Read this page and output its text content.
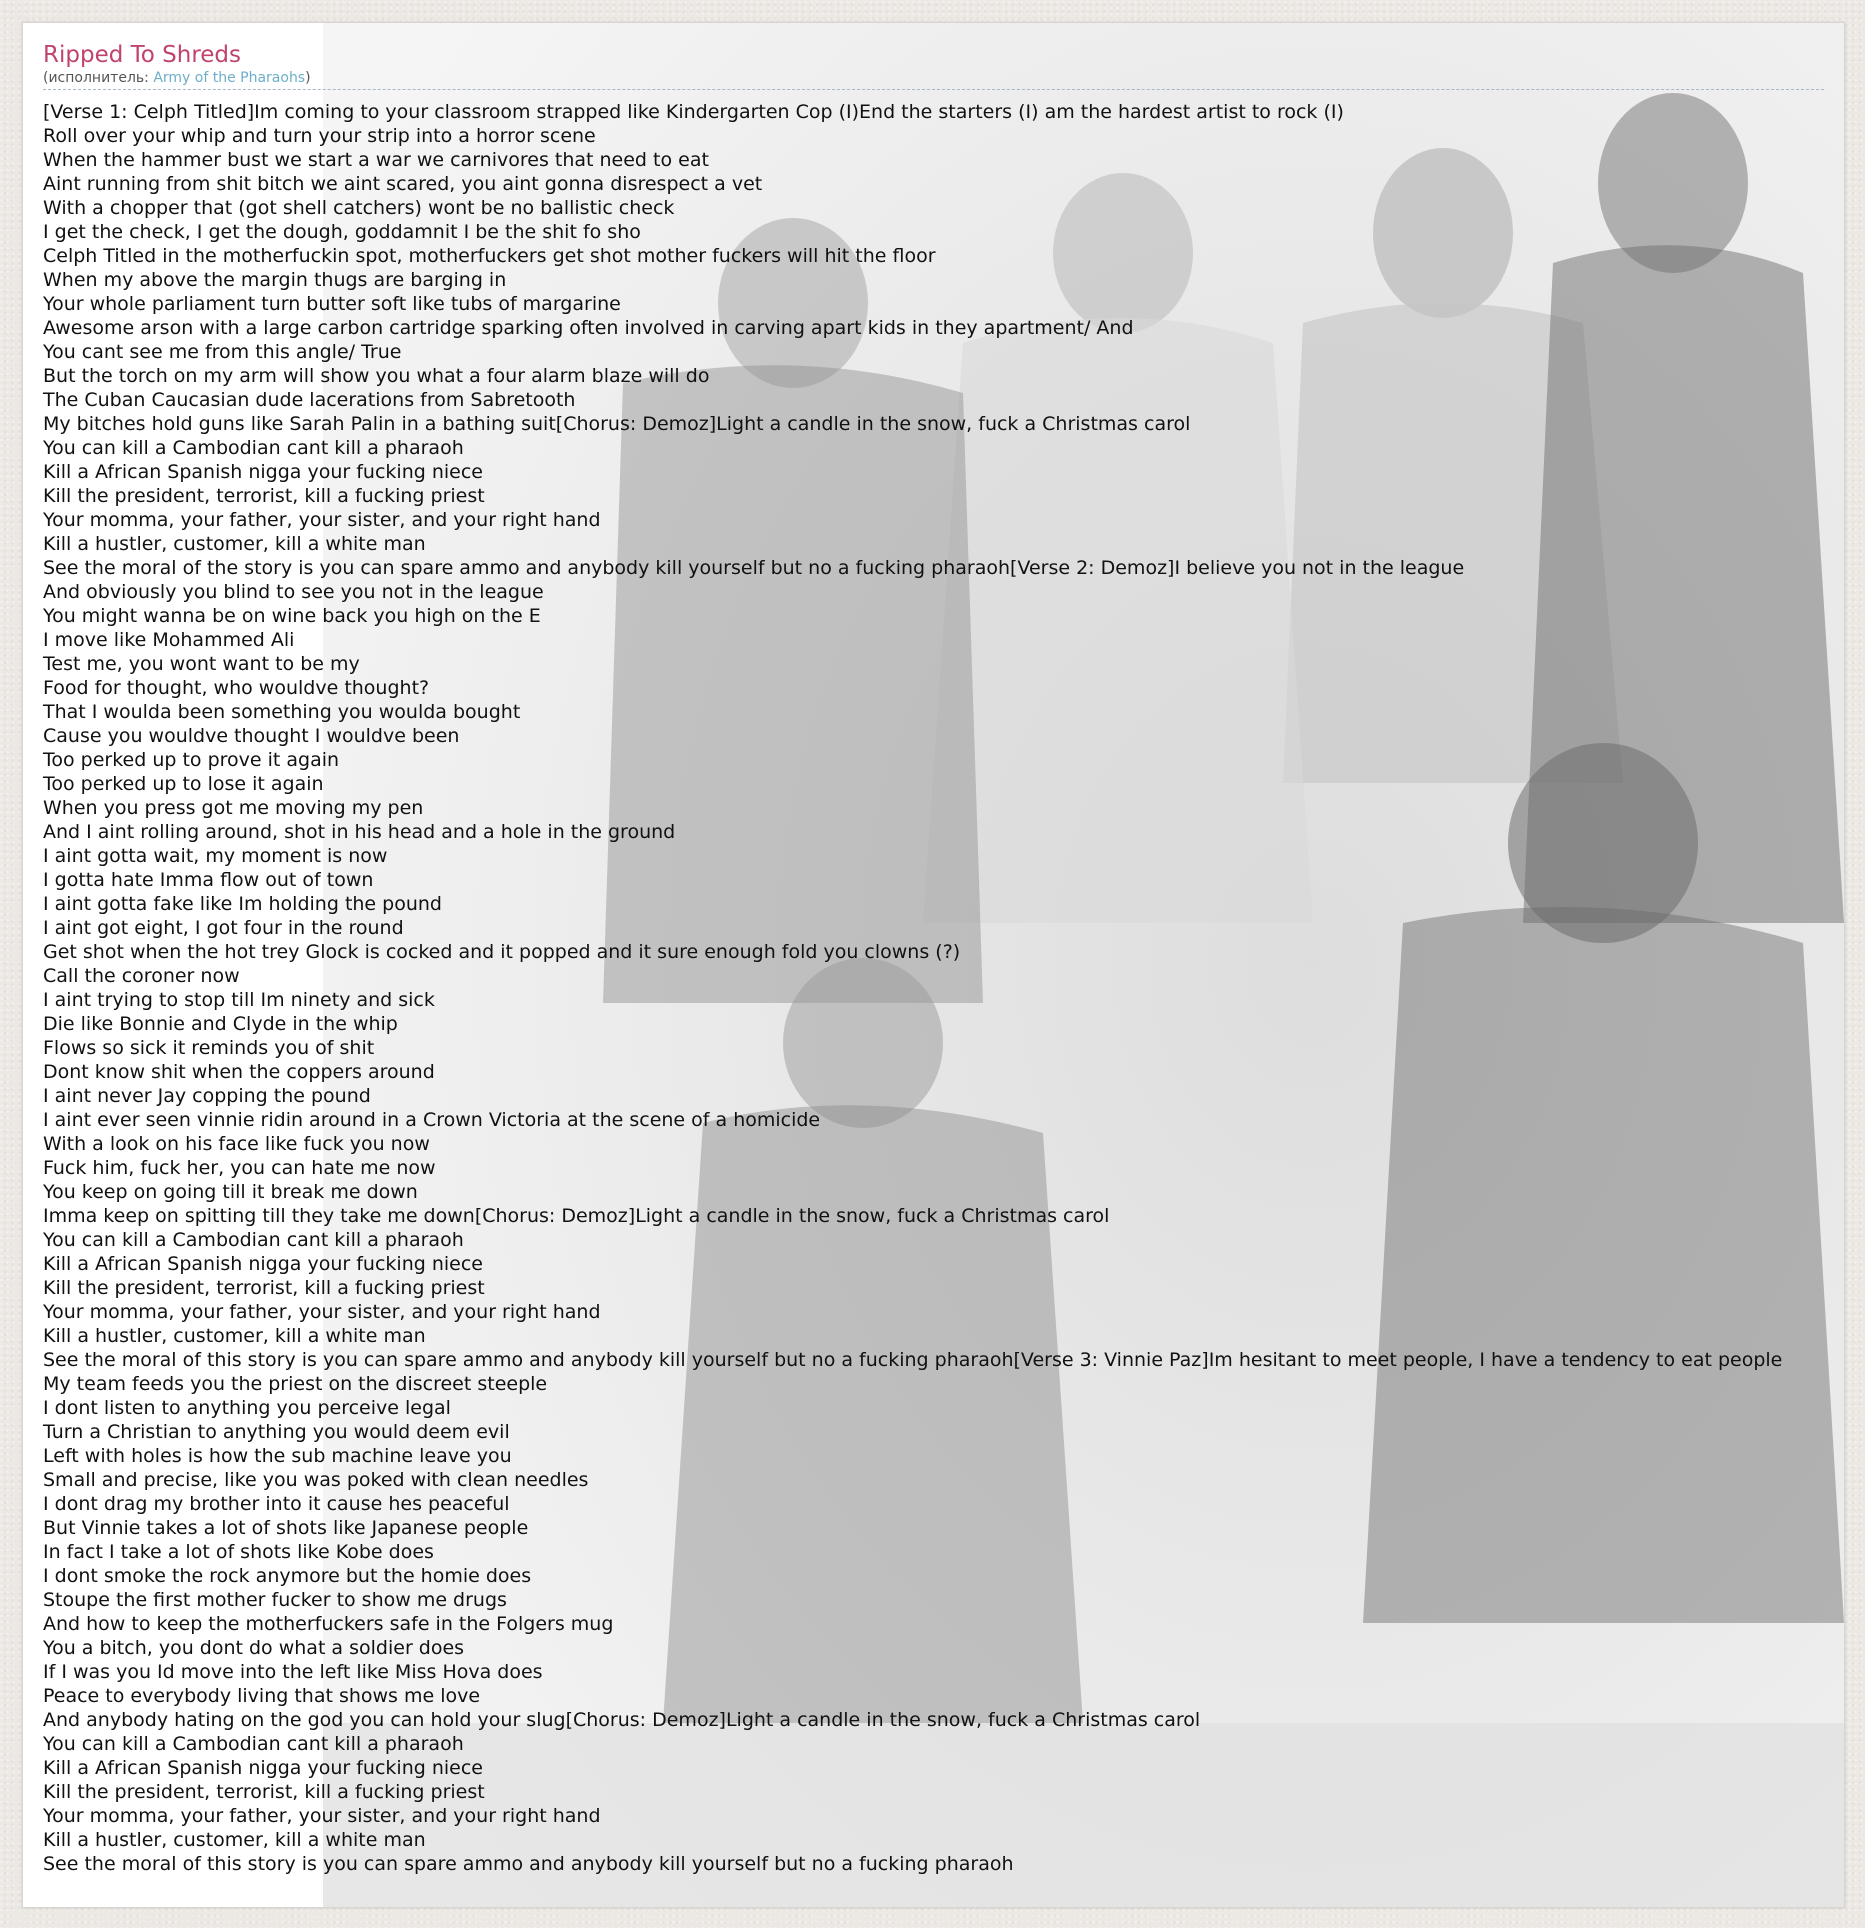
Ripped To Shreds
(исполнитель: Army of the Pharaohs)
[Verse 1: Celph Titled]Im coming to your classroom strapped like Kindergarten Cop (I)End the starters (I) am the hardest artist to rock (I)
Roll over your whip and turn your strip into a horror scene
When the hammer bust we start a war we carnivores that need to eat
Aint running from shit bitch we aint scared, you aint gonna disrespect a vet
With a chopper that (got shell catchers) wont be no ballistic check
I get the check, I get the dough, goddamnit I be the shit fo sho
Celph Titled in the motherfuckin spot, motherfuckers get shot mother fuckers will hit the floor
When my above the margin thugs are barging in
Your whole parliament turn butter soft like tubs of margarine
Awesome arson with a large carbon cartridge sparking often involved in carving apart kids in they apartment/ And
You cant see me from this angle/ True
But the torch on my arm will show you what a four alarm blaze will do
The Cuban Caucasian dude lacerations from Sabretooth
My bitches hold guns like Sarah Palin in a bathing suit[Chorus: Demoz]Light a candle in the snow, fuck a Christmas carol
You can kill a Cambodian cant kill a pharaoh
Kill a African Spanish nigga your fucking niece
Kill the president, terrorist, kill a fucking priest
Your momma, your father, your sister, and your right hand
Kill a hustler, customer, kill a white man
See the moral of the story is you can spare ammo and anybody kill yourself but no a fucking pharaoh[Verse 2: Demoz]I believe you not in the league
And obviously you blind to see you not in the league
You might wanna be on wine back you high on the E
I move like Mohammed Ali
Test me, you wont want to be my
Food for thought, who wouldve thought?
That I woulda been something you woulda bought
Cause you wouldve thought I wouldve been
Too perked up to prove it again
Too perked up to lose it again
When you press got me moving my pen
And I aint rolling around, shot in his head and a hole in the ground
I aint gotta wait, my moment is now
I gotta hate Imma flow out of town
I aint gotta fake like Im holding the pound
I aint got eight, I got four in the round
Get shot when the hot trey Glock is cocked and it popped and it sure enough fold you clowns (?)
Call the coroner now
I aint trying to stop till Im ninety and sick
Die like Bonnie and Clyde in the whip
Flows so sick it reminds you of shit
Dont know shit when the coppers around
I aint never Jay copping the pound
I aint ever seen vinnie ridin around in a Crown Victoria at the scene of a homicide
With a look on his face like fuck you now
Fuck him, fuck her, you can hate me now
You keep on going till it break me down
Imma keep on spitting till they take me down[Chorus: Demoz]Light a candle in the snow, fuck a Christmas carol
You can kill a Cambodian cant kill a pharaoh
Kill a African Spanish nigga your fucking niece
Kill the president, terrorist, kill a fucking priest
Your momma, your father, your sister, and your right hand
Kill a hustler, customer, kill a white man
See the moral of this story is you can spare ammo and anybody kill yourself but no a fucking pharaoh[Verse 3: Vinnie Paz]Im hesitant to meet people, I have a tendency to eat people
My team feeds you the priest on the discreet steeple
I dont listen to anything you perceive legal
Turn a Christian to anything you would deem evil
Left with holes is how the sub machine leave you
Small and precise, like you was poked with clean needles
I dont drag my brother into it cause hes peaceful
But Vinnie takes a lot of shots like Japanese people
In fact I take a lot of shots like Kobe does
I dont smoke the rock anymore but the homie does
Stoupe the first mother fucker to show me drugs
And how to keep the motherfuckers safe in the Folgers mug
You a bitch, you dont do what a soldier does
If I was you Id move into the left like Miss Hova does
Peace to everybody living that shows me love
And anybody hating on the god you can hold your slug[Chorus: Demoz]Light a candle in the snow, fuck a Christmas carol
You can kill a Cambodian cant kill a pharaoh
Kill a African Spanish nigga your fucking niece
Kill the president, terrorist, kill a fucking priest
Your momma, your father, your sister, and your right hand
Kill a hustler, customer, kill a white man
See the moral of this story is you can spare ammo and anybody kill yourself but no a fucking pharaoh
